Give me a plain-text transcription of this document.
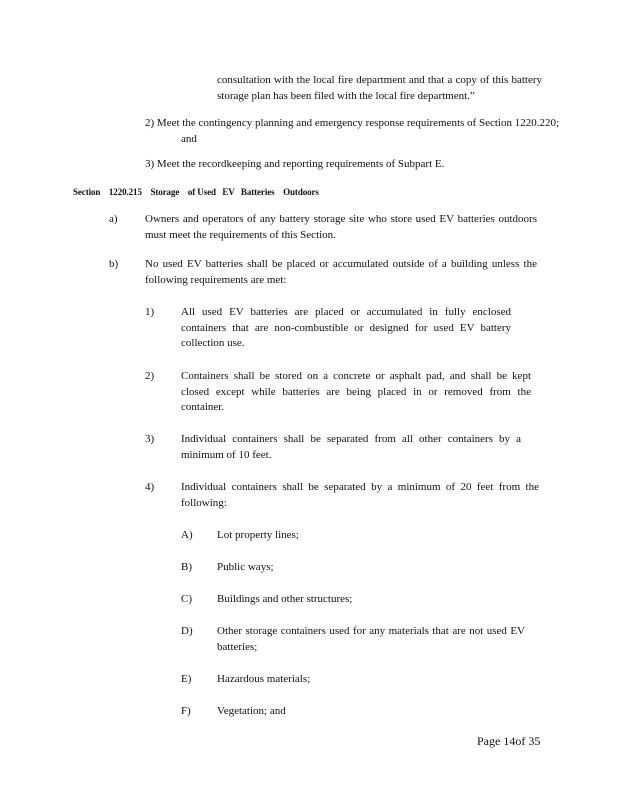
consultation with the local fire department and that a copy of this battery storage plan has been filed with the local fire department.”

2) Meet the contingency planning and emergency response requirements of Section 1220.220; and

3) Meet the recordkeeping and reporting requirements of Subpart E.

Section    1220.215    Storage    of Used   EV   Batteries    Outdoors

a) Owners and operators of any battery storage site who store used EV batteries outdoors must meet the requirements of this Section.

b) No used EV batteries shall be placed or accumulated outside of a building unless the following requirements are met:

1) All used EV batteries are placed or accumulated in fully enclosed containers that are non-combustible or designed for used EV battery collection use.

2) Containers shall be stored on a concrete or asphalt pad, and shall be kept closed except while batteries are being placed in or removed from the container.

3) Individual containers shall be separated from all other containers by a minimum of 10 feet.

4) Individual containers shall be separated by a minimum of 20 feet from the following:

A) Lot property lines;

B) Public ways;

C) Buildings and other structures;

D) Other storage containers used for any materials that are not used EV batteries;

E) Hazardous materials;

F) Vegetation; and

Page 14of 35
